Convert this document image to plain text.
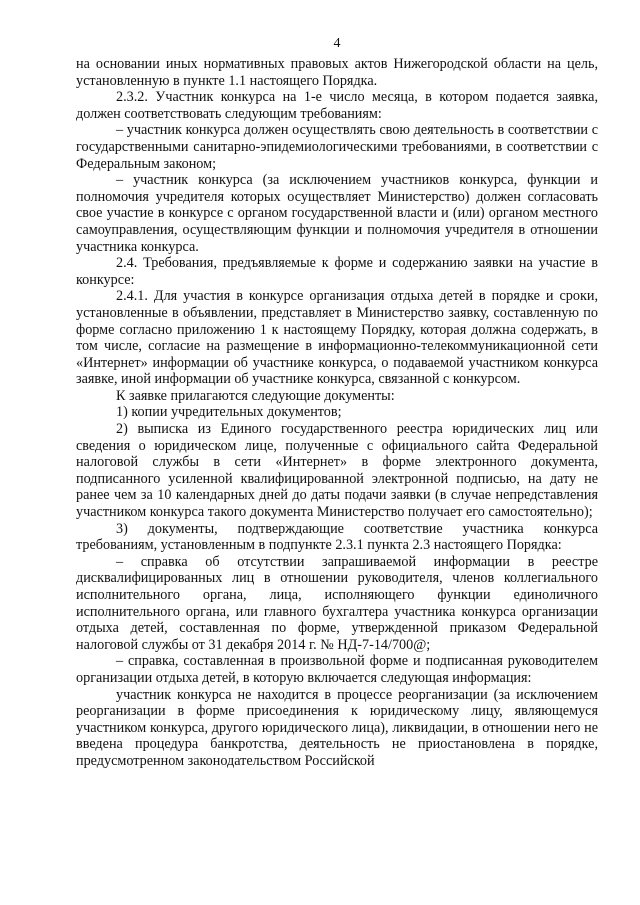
4

на основании иных нормативных правовых актов Нижегородской области на цель, установленную в пункте 1.1 настоящего Порядка.

2.3.2. Участник конкурса на 1-е число месяца, в котором подается заявка, должен соответствовать следующим требованиям:

– участник конкурса должен осуществлять свою деятельность в соответствии с государственными санитарно-эпидемиологическими требованиями, в соответствии с Федеральным законом;

– участник конкурса (за исключением участников конкурса, функции и полномочия учредителя которых осуществляет Министерство) должен согласовать свое участие в конкурсе с органом государственной власти и (или) органом местного самоуправления, осуществляющим функции и полномочия учредителя в отношении участника конкурса.

2.4. Требования, предъявляемые к форме и содержанию заявки на участие в конкурсе:

2.4.1. Для участия в конкурсе организация отдыха детей в порядке и сроки, установленные в объявлении, представляет в Министерство заявку, составленную по форме согласно приложению 1 к настоящему Порядку, которая должна содержать, в том числе, согласие на размещение в информационно-телекоммуникационной сети «Интернет» информации об участнике конкурса, о подаваемой участником конкурса заявке, иной информации об участнике конкурса, связанной с конкурсом.

К заявке прилагаются следующие документы:

1) копии учредительных документов;

2) выписка из Единого государственного реестра юридических лиц или сведения о юридическом лице, полученные с официального сайта Федеральной налоговой службы в сети «Интернет» в форме электронного документа, подписанного усиленной квалифицированной электронной подписью, на дату не ранее чем за 10 календарных дней до даты подачи заявки (в случае непредставления участником конкурса такого документа Министерство получает его самостоятельно);

3) документы, подтверждающие соответствие участника конкурса требованиям, установленным в подпункте 2.3.1 пункта 2.3 настоящего Порядка:

– справка об отсутствии запрашиваемой информации в реестре дисквалифицированных лиц в отношении руководителя, членов коллегиального исполнительного органа, лица, исполняющего функции единоличного исполнительного органа, или главного бухгалтера участника конкурса организации отдыха детей, составленная по форме, утвержденной приказом Федеральной налоговой службы от 31 декабря 2014 г. № НД-7-14/700@;

– справка, составленная в произвольной форме и подписанная руководителем организации отдыха детей, в которую включается следующая информация:

участник конкурса не находится в процессе реорганизации (за исключением реорганизации в форме присоединения к юридическому лицу, являющемуся участником конкурса, другого юридического лица), ликвидации, в отношении него не введена процедура банкротства, деятельность не приостановлена в порядке, предусмотренном законодательством Российской
